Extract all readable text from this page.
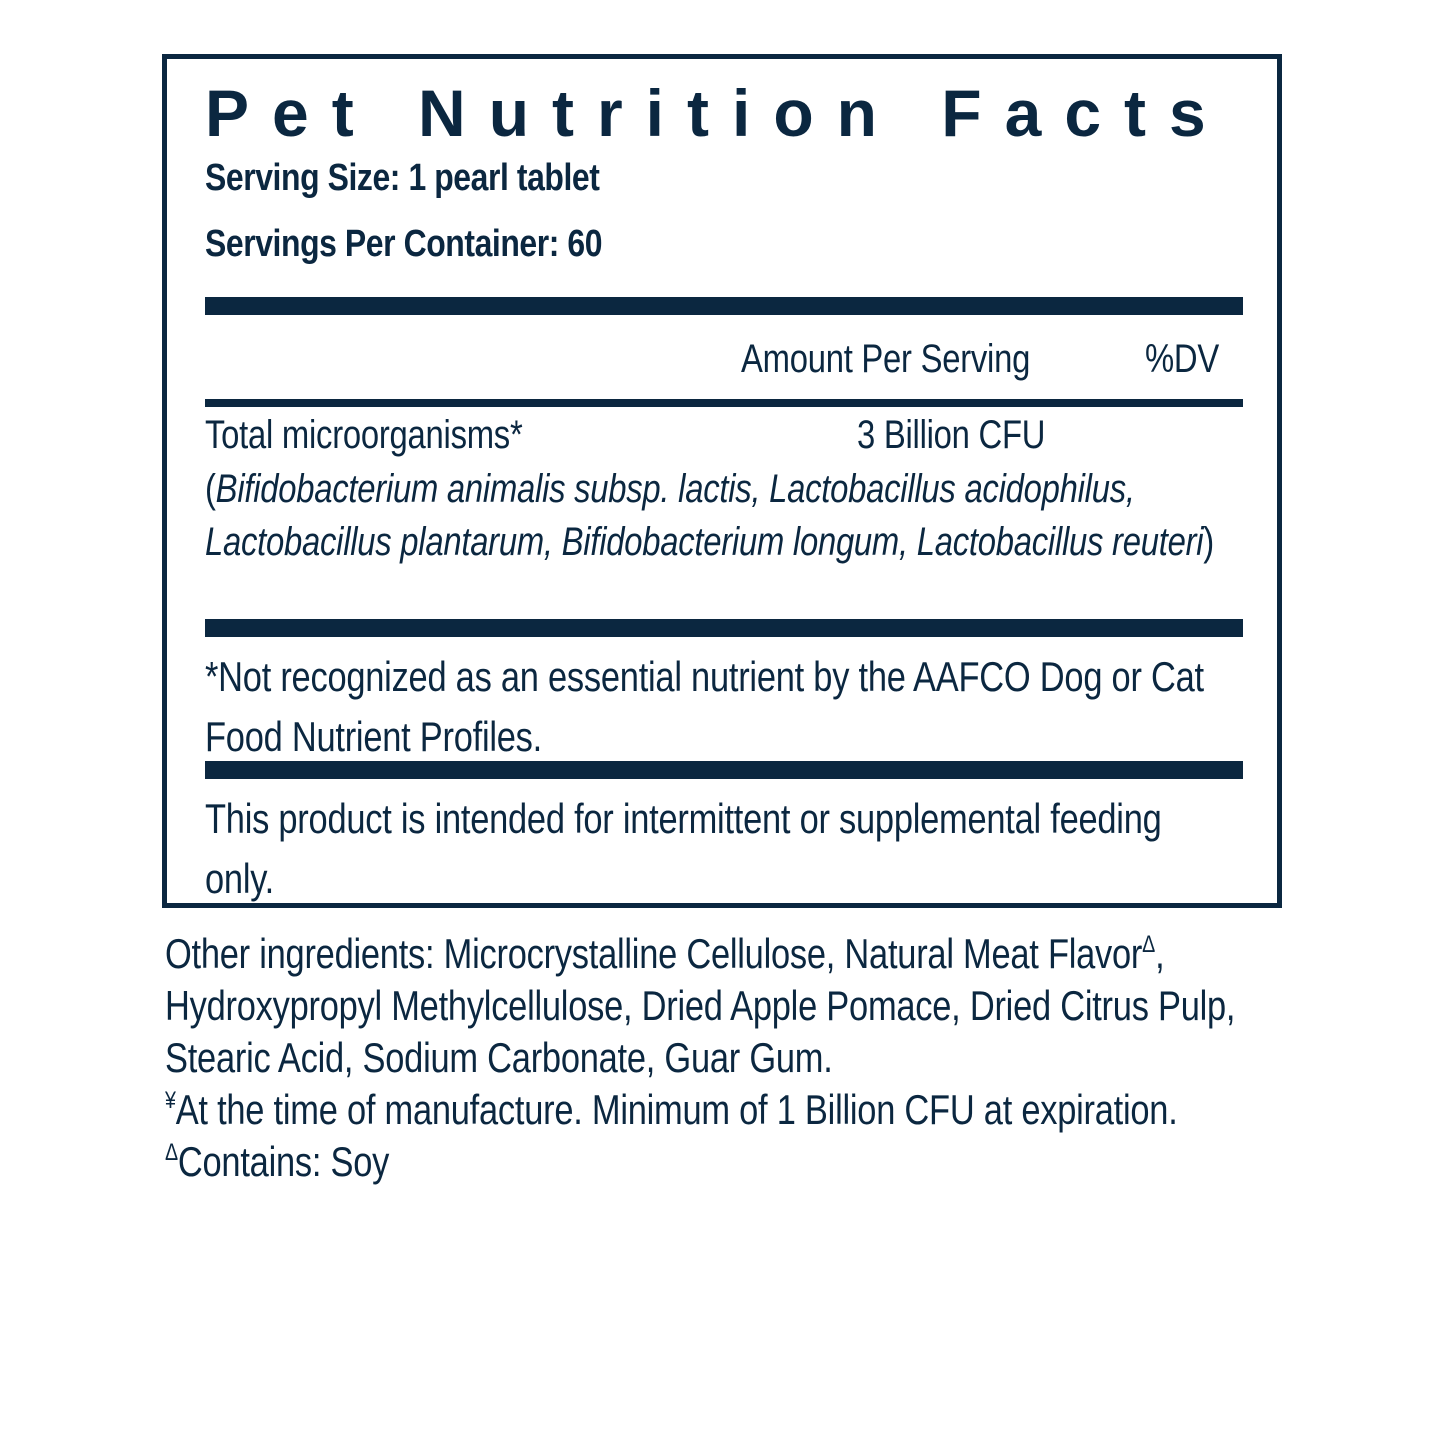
Pet Nutrition Facts
Serving Size: 1 pearl tablet
Servings Per Container: 60
Amount Per Serving	%DV
Total microorganisms*	3 Billion CFU
(Bifidobacterium animalis subsp. lactis, Lactobacillus acidophilus, Lactobacillus plantarum, Bifidobacterium longum, Lactobacillus reuteri)
*Not recognized as an essential nutrient by the AAFCO Dog or Cat Food Nutrient Profiles.
This product is intended for intermittent or supplemental feeding only.
Other ingredients: Microcrystalline Cellulose, Natural Meat Flavor$^\Delta$,
Hydroxypropyl Methylcellulose, Dried Apple Pomace, Dried Citrus Pulp,
Stearic Acid, Sodium Carbonate, Guar Gum.
¥At the time of manufacture. Minimum of 1 Billion CFU at expiration.
$^\Delta$Contains: Soy
